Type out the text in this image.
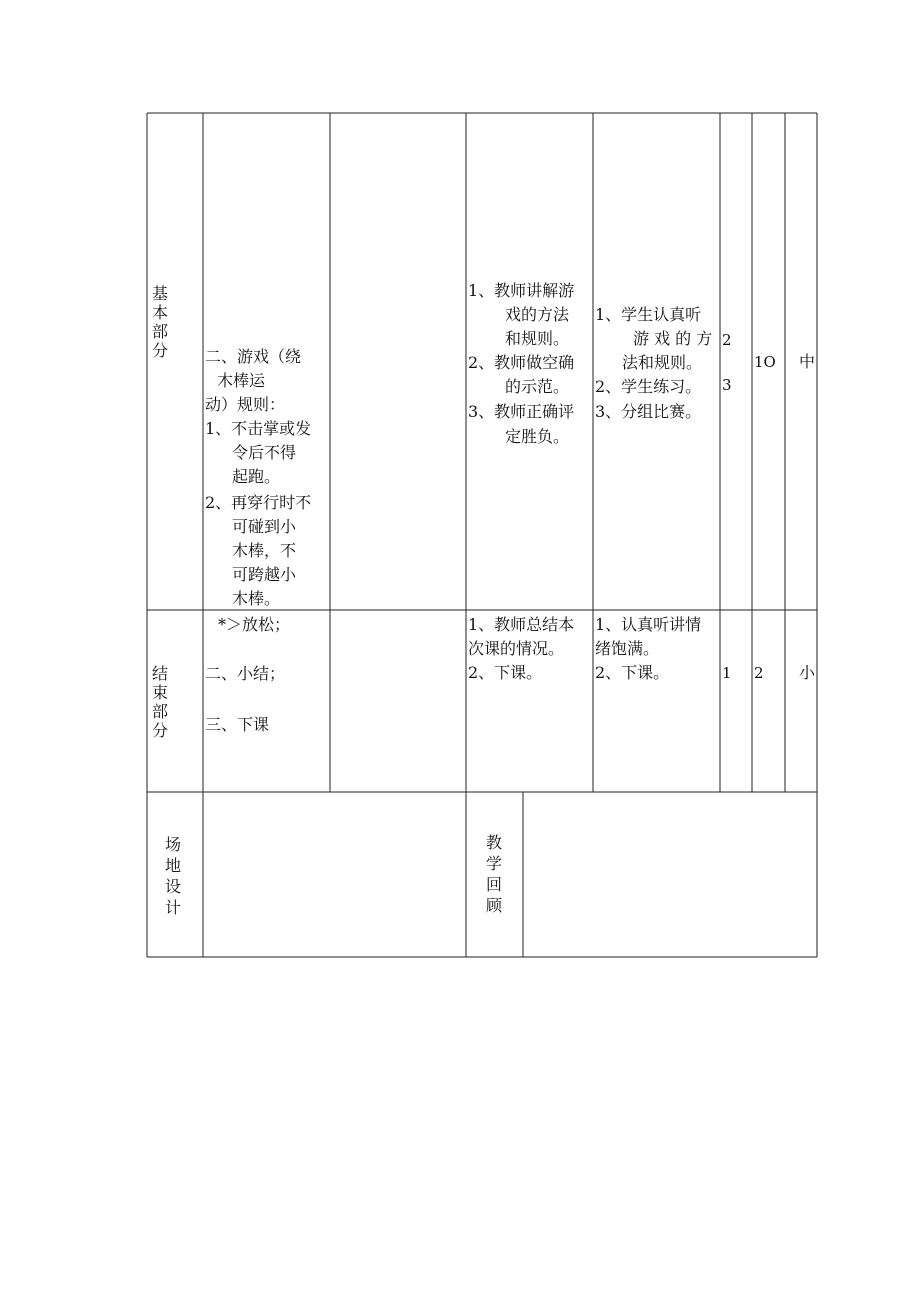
基本部分 二、游戏（绕
木棒运
动）规则：
1、不击掌或发
令后不得
起跑。
2、再穿行时不
可碰到小
木棒，不
可跨越小
木棒。
1、教师讲解游
戏的方法
和规则。
2、教师做空确
的示范。
3、教师正确评
定胜负。
1、学生认真听
游 戏 的 方
法和规则。
2、学生练习。
3、分组比赛。
2
3
1O 中
结束部分
*＞放松；
二、小结；
三、下课
1、教师总结本
次课的情况。
2、下课。
1、认真听讲情
绪饱满。
2、下课。	1 2 小
场地设计
教学回顾
